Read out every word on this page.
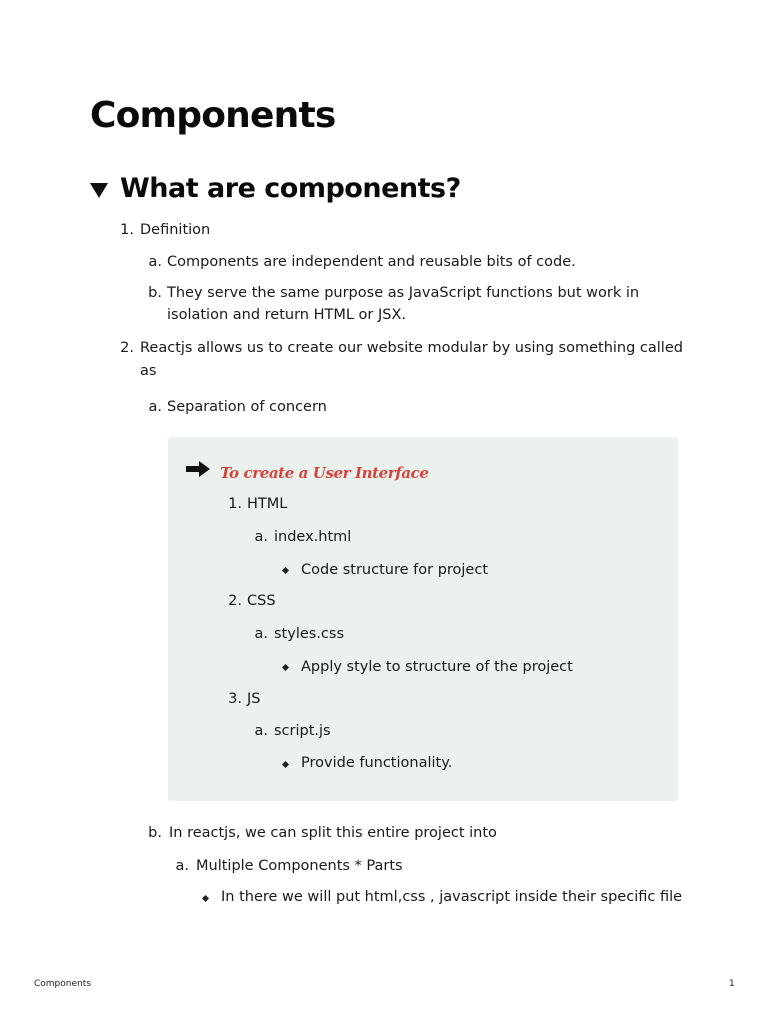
Components
What are components?
1. Definition
a. Components are independent and reusable bits of code.
b. They serve the same purpose as JavaScript functions but work in
isolation and return HTML or JSX.
2. Reactjs allows us to create our website modular by using something called
as
a. Separation of concern
To create a User Interface
1. HTML
a. index.html
Code structure for project
2. CSS
a. styles.css
Apply style to structure of the project
3. JS
a. script.js
Provide functionality.
b. In reactjs, we can split this entire project into
a. Multiple Components * Parts
In there we will put html,css , javascript inside their specific file
Components	1
